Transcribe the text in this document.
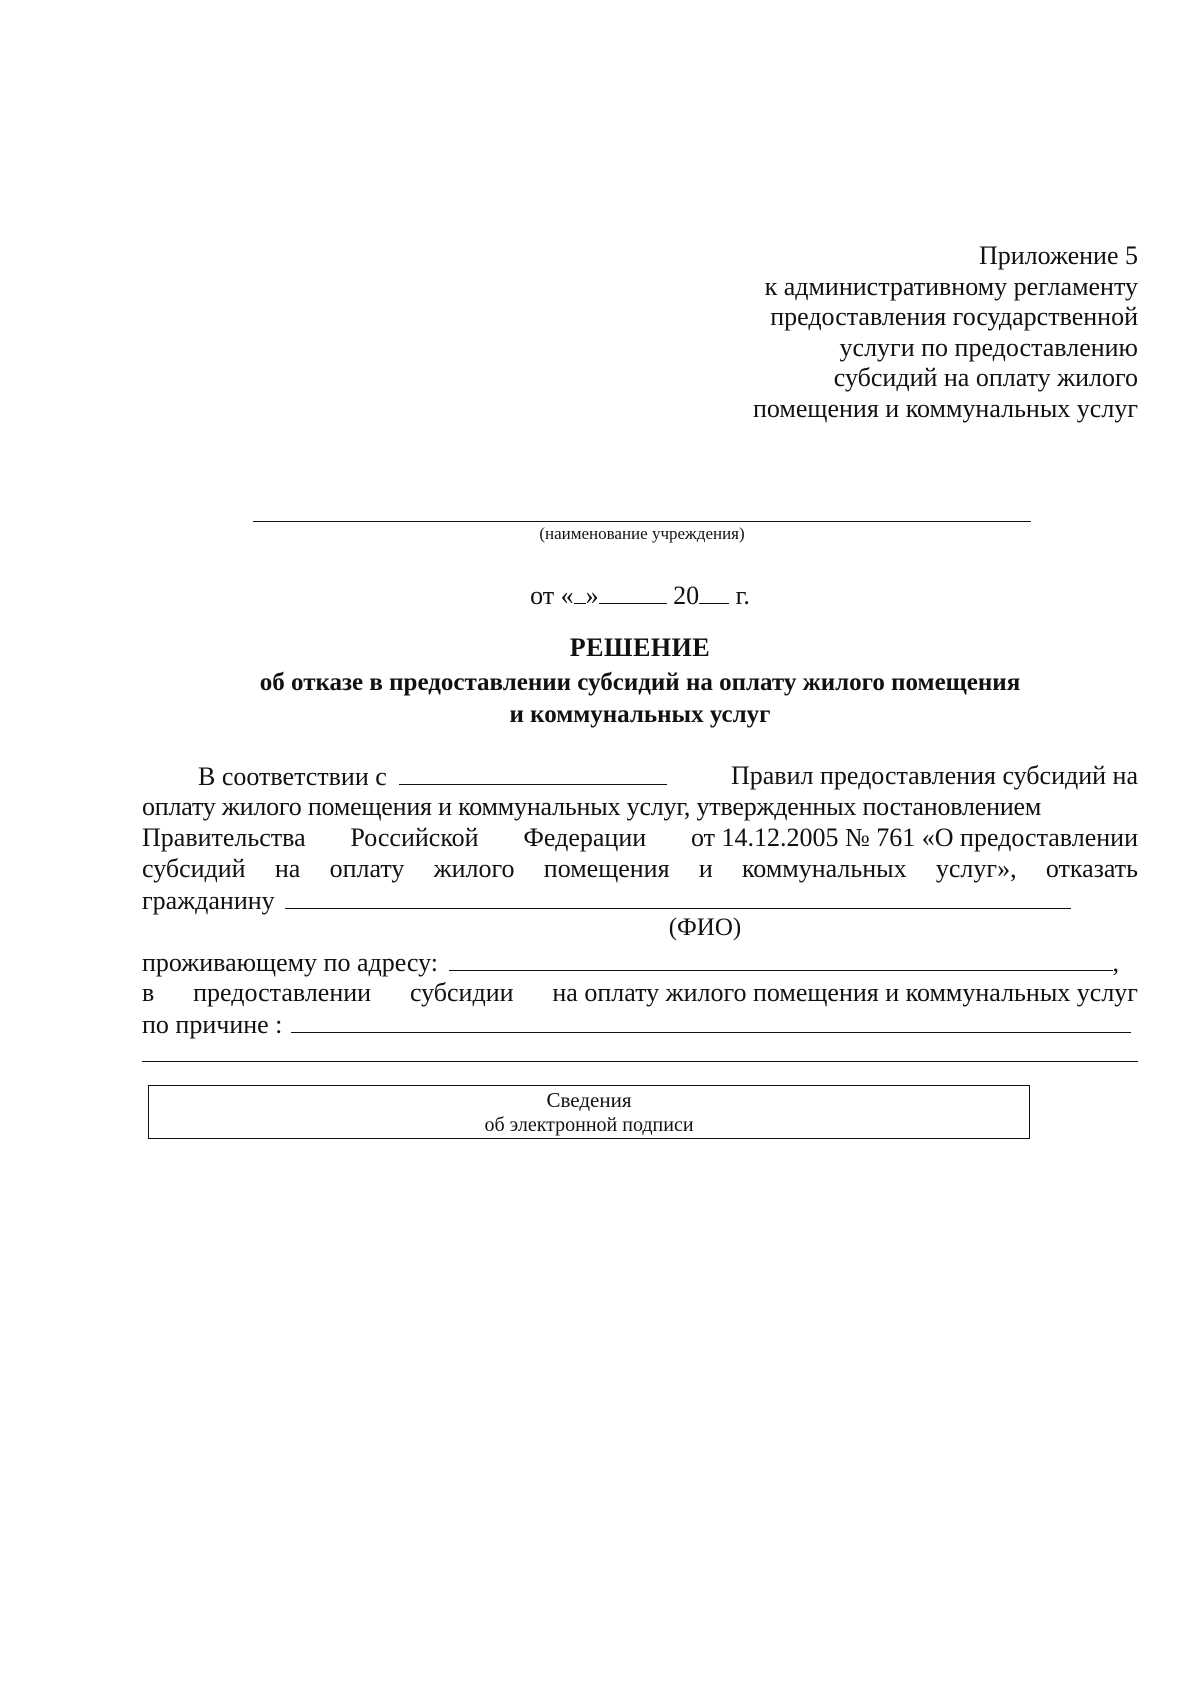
Приложение 5
к административному регламенту
предоставления государственной
услуги по предоставлению
субсидий на оплату жилого
помещения и коммунальных услуг
(наименование учреждения)
от « »	20 г.
РЕШЕНИЕ
об отказе в предоставлении субсидий на оплату жилого помещения
и коммунальных услуг
В соответствии с	Правил предоставления субсидий на
оплату жилого помещения и коммунальных услуг, утвержденных постановлением
Правительства Российской Федерации от 14.12.2005 № 761 «О предоставлении
субсидий на оплату жилого помещения и коммунальных услуг», отказать
гражданину
проживающему по адресу:	,
в предоставлении субсидии на оплату жилого помещения и коммунальных услуг
по причине :
(ФИО)
Сведения
об электронной подписи
